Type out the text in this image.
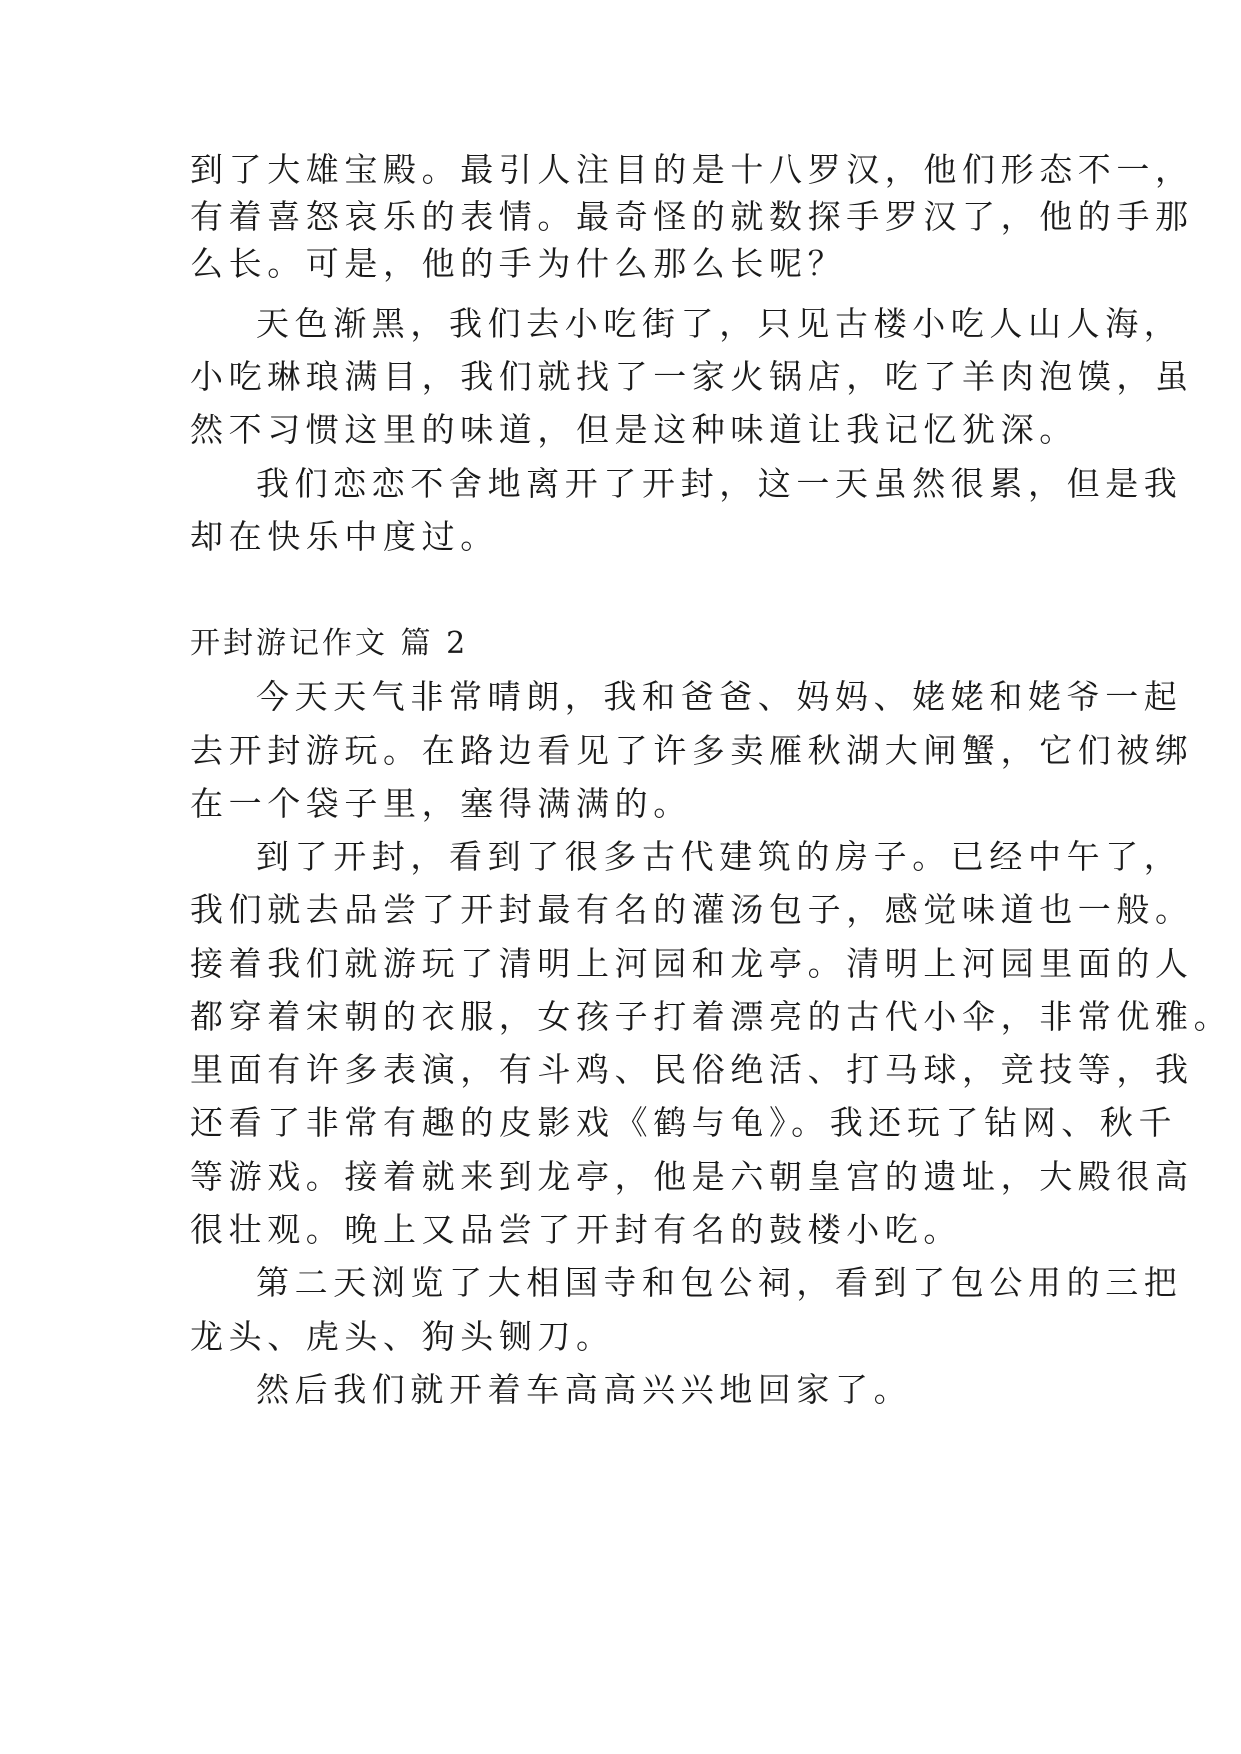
到了大雄宝殿。最引人注目的是十八罗汉，他们形态不一，
有着喜怒哀乐的表情。最奇怪的就数探手罗汉了，他的手那
么长。可是，他的手为什么那么长呢？
天色渐黑，我们去小吃街了，只见古楼小吃人山人海，
小吃琳琅满目，我们就找了一家火锅店，吃了羊肉泡馍，虽
然不习惯这里的味道，但是这种味道让我记忆犹深。
我们恋恋不舍地离开了开封，这一天虽然很累，但是我
却在快乐中度过。
开封游记作文 篇 2
今天天气非常晴朗，我和爸爸、妈妈、姥姥和姥爷一起
去开封游玩。在路边看见了许多卖雁秋湖大闸蟹，它们被绑
在一个袋子里，塞得满满的。
到了开封，看到了很多古代建筑的房子。已经中午了，
我们就去品尝了开封最有名的灌汤包子，感觉味道也一般。
接着我们就游玩了清明上河园和龙亭。清明上河园里面的人
都穿着宋朝的衣服，女孩子打着漂亮的古代小伞，非常优雅。
里面有许多表演，有斗鸡、民俗绝活、打马球，竞技等，我
还看了非常有趣的皮影戏《鹤与龟》。我还玩了钻网、秋千
等游戏。接着就来到龙亭，他是六朝皇宫的遗址，大殿很高
很壮观。晚上又品尝了开封有名的鼓楼小吃。
第二天浏览了大相国寺和包公祠，看到了包公用的三把
龙头、虎头、狗头铡刀。
然后我们就开着车高高兴兴地回家了。
